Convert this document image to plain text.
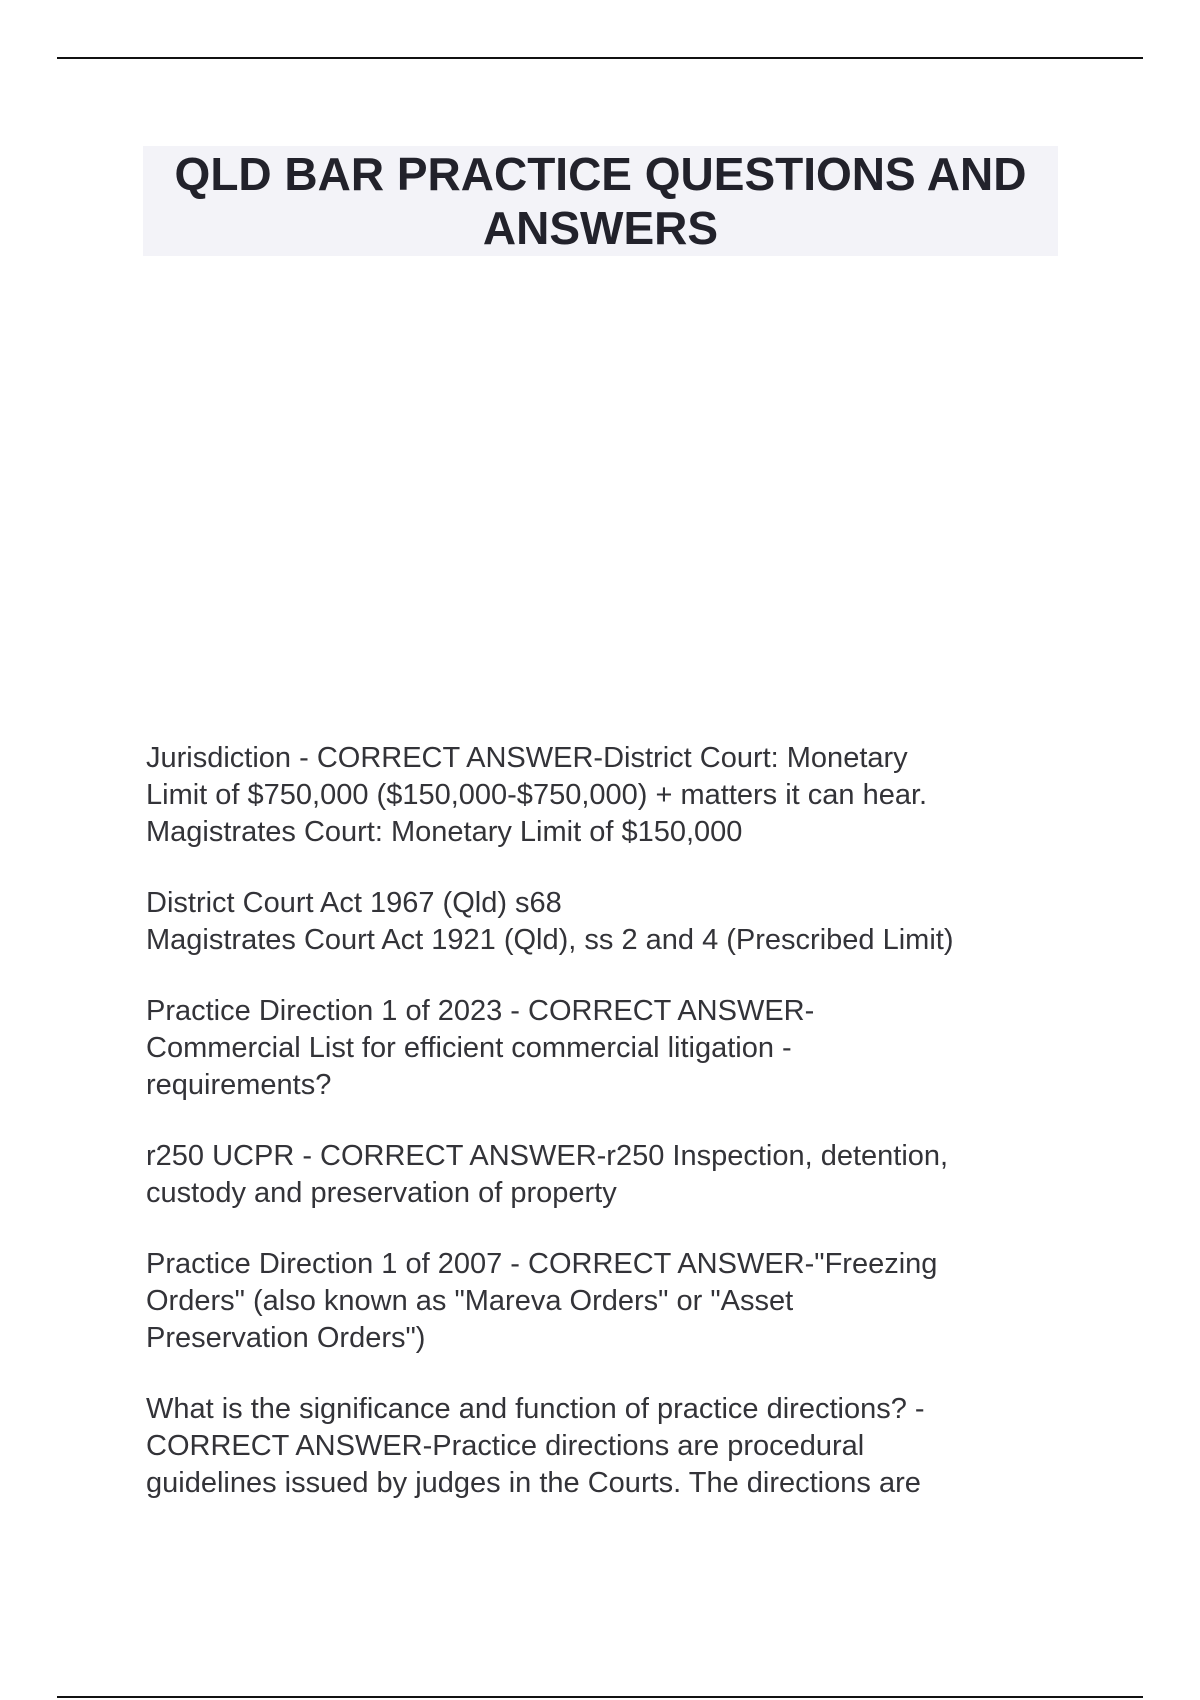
QLD BAR PRACTICE QUESTIONS AND
ANSWERS

Jurisdiction - CORRECT ANSWER-District Court: Monetary
Limit of $750,000 ($150,000-$750,000) + matters it can hear.
Magistrates Court: Monetary Limit of $150,000

District Court Act 1967 (Qld) s68
Magistrates Court Act 1921 (Qld), ss 2 and 4 (Prescribed Limit)

Practice Direction 1 of 2023 - CORRECT ANSWER-
Commercial List for efficient commercial litigation -
requirements?

r250 UCPR - CORRECT ANSWER-r250 Inspection, detention,
custody and preservation of property

Practice Direction 1 of 2007 - CORRECT ANSWER-"Freezing
Orders" (also known as "Mareva Orders" or "Asset
Preservation Orders")

What is the significance and function of practice directions? -
CORRECT ANSWER-Practice directions are procedural
guidelines issued by judges in the Courts. The directions are
